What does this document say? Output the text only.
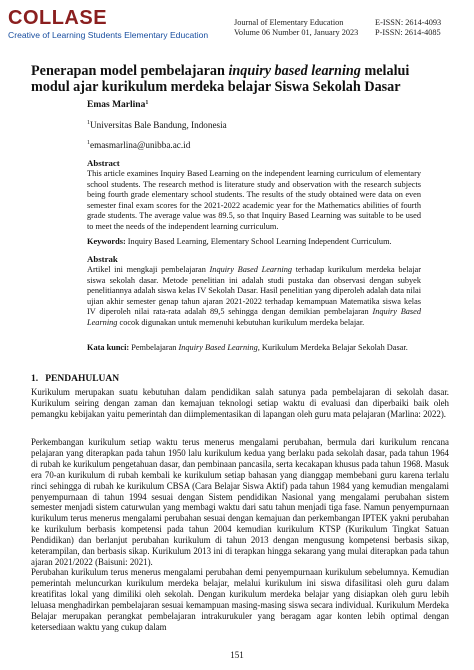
COLLASE
Creative of Learning Students Elementary Education
Journal of Elementary Education
Volume 06 Number 01, January 2023
E-ISSN: 2614-4093
P-ISSN: 2614-4085
Penerapan model pembelajaran inquiry based learning melalui modul ajar kurikulum merdeka belajar Siswa Sekolah Dasar
Emas Marlina$^1$
$^1$Universitas Bale Bandung, Indonesia
$^1$emasmarlina@unibba.ac.id
Abstract

This article examines Inquiry Based Learning on the independent learning curriculum of elementary school students. The research method is literature study and observation with the research subjects being fourth grade elementary school students. The results of the study obtained were data on even semester final exam scores for the 2021-2022 academic year for the Mathematics abilities of fourth grade students. The average value was 89.5, so that Inquiry Based Learning was suitable to be used to meet the needs of the independent learning curriculum.

Keywords: Inquiry Based Learning, Elementary School Learning Independent Curriculum.

Abstrak

Artikel ini mengkaji pembelajaran Inquiry Based Learning terhadap kurikulum merdeka belajar siswa sekolah dasar. Metode penelitian ini adalah studi pustaka dan observasi dengan subyek penelitiannya adalah siswa kelas IV Sekolah Dasar. Hasil penelitian yang diperoleh adalah data nilai ujian akhir semester genap tahun ajaran 2021-2022 terhadap kemampuan Matematika siswa kelas IV diperoleh nilai rata-rata adalah 89,5 sehingga dengan demikian pembelajaran Inquiry Based Learning cocok digunakan untuk memenuhi kebutuhan kurikulum merdeka belajar.

Kata kunci: Pembelajaran Inquiry Based Learning, Kurikulum Merdeka Belajar Sekolah Dasar.

1.   PENDAHULUAN

Kurikulum merupakan suatu kebutuhan dalam pendidikan salah satunya pada pembelajaran di sekolah dasar. Kurikulum seiring dengan zaman dan kemajuan teknologi setiap waktu di evaluasi dan diperbaiki baik oleh pemangku kebijakan yaitu pemerintah dan diimplementasikan di lapangan oleh guru mata pelajaran (Marlina: 2022).

Perkembangan kurikulum setiap waktu terus menerus mengalami perubahan, bermula dari kurikulum rencana pelajaran yang diterapkan pada tahun 1950 lalu kurikulum kedua yang berlaku pada sekolah dasar, pada tahun 1964 di rubah ke kurikulum pengetahuan dasar, dan pembinaan pancasila, serta kecakapan khusus pada tahun 1968. Masuk era 70-an kurikulum di rubah kembali ke kurikulum setiap bahasan yang dianggap membebani guru karena terlalu rinci sehingga di rubah ke kurikulum CBSA (Cara Belajar Siswa Aktif) pada tahun 1984 yang kemudian mengalami penyempurnaan di tahun 1994 sesuai dengan Sistem pendidikan Nasional yang mengalami perubahan sistem semester menjadi sistem caturwulan yang membagi waktu dari satu tahun menjadi tiga fase. Namun penyempurnaan kurikulum terus menerus mengalami perubahan sesuai dengan kemajuan dan perkembangan IPTEK yakni perubahan ke kurikulum berbasis kompetensi pada tahun 2004 kemudian kurikulum KTSP (Kurikulum Tingkat Satuan Pendidikan) dan berlanjut perubahan kurikulum di tahun 2013 dengan mengusung kompetensi berbasis sikap, keterampilan, dan berbasis sikap. Kurikulum 2013 ini di terapkan hingga sekarang yang mulai diterapkan pada tahun ajaran 2021/2022 (Baisuni: 2021).

Perubahan kurikulum terus menerus mengalami perubahan demi penyempurnaan kurikulum sebelumnya. Kemudian pemerintah meluncurkan kurikulum merdeka belajar, melalui kurikulum ini siswa difasilitasi oleh guru dalam kreatifitas lokal yang dimiliki oleh sekolah. Dengan kurikulum merdeka belajar yang disiapkan oleh guru lebih leluasa menghadirkan pembelajaran sesuai kemampuan masing-masing siswa secara individual. Kurikulum Merdeka Belajar merupakan perangkat pembelajaran intrakurukuler yang beragam agar konten lebih optimal dengan ketersediaan waktu yang cukup dalam

151
